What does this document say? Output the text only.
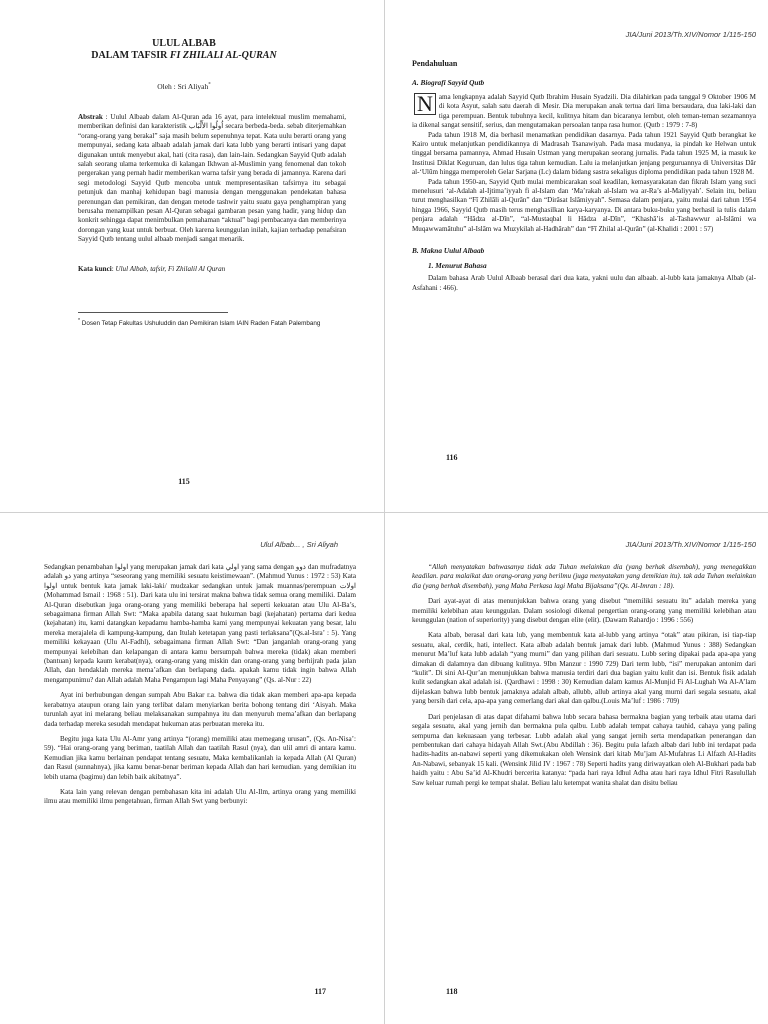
ULUL ALBAB
DALAM TAFSIR FI ZHILALI AL-QURAN
Oleh : Sri Aliyah*

Abstrak : Uulul Albaab dalam Al-Quran ada 16 ayat, para intelektual muslim memahami, memberikan definisi dan karakteristik اُولُوا الأَلْبَاب secara berbeda-beda. sebab diterjemahkan “orang-orang yang berakal” saja masih belum sepenuhnya tepat. Kata uulu berarti orang yang mempunyai, sedang kata albaab adalah jamak dari kata lubb yang berarti intisari yang dapat digunakan untuk menyebut akal, hati (cita rasa), dan lain-lain. Sedangkan Sayyid Qutb adalah salah seorang ulama terkemuka di kalangan Ikhwan al-Muslimin yang fenomenal dan tokoh pergerakan yang pernah hadir memberikan warna tafsir yang berada di jamannya. Karena dari segi metodologi Sayyid Qutb mencoba untuk mempresentasikan tafsirnya itu sebagai petunjuk dan manhaj kehidupan bagi manusia dengan menggunakan pendekatan bahasa perenungan dan pemikiran, dan dengan metode tashwir yaitu suatu gaya penghampiran yang berusaha menampilkan pesan Al-Quran sebagai gambaran pesan yang hadir, yang hidup dan konkrit sehingga dapat menimbulkan pemahaman “aktual” bagi pembacanya dan memberinya dorongan yang kuat untuk berbuat. Oleh karena keunggulan inilah, kajian terhadap penafsiran Sayyid Qutb tentang uulul albaab menjadi sangat menarik.

Kata kunci: Ulul Albab, tafsir, Fi Zhilalil Al Quran

* Dosen Tetap Fakultas Ushuluddin dan Pemikiran Islam IAIN Raden Fatah Palembang
115
JIA/Juni 2013/Th.XIV/Nomor 1/115-150
Pendahuluan
A. Biografi Sayyid Qutb

N ama lengkapnya adalah Sayyid Qutb Ibrahim Husain Syadzili. Dia dilahirkan pada tanggal 9 Oktober 1906 M di kota Asyut, salah satu daerah di Mesir. Dia merupakan anak tertua dari lima bersaudara, dua laki-laki dan tiga perempuan. Bentuk tubuhnya kecil, kulitnya hitam dan bicaranya lembut, oleh teman-teman sezamannya ia dikenal sangat sensitif, serius, dan mengutamakan persoalan tanpa rasa humor. (Qutb : 1979 : 7-8)

Pada tahun 1918 M, dia berhasil menamatkan pendidikan dasarnya. Pada tahun 1921 Sayyid Qutb berangkat ke Kairo untuk melanjutkan pendidikannya di Madrasah Tsanawiyah. Pada masa mudanya, ia pindah ke Helwan untuk tinggal bersama pamannya, Ahmad Husain Ustman yang merupakan seorang jurnalis. Pada tahun 1925 M, ia masuk ke Institusi Diklat Keguruan, dan lulus tiga tahun kemudian. Lalu ia melanjutkan jenjang perguruannya di Universitas Dār al-‘Ulūm hingga memperoleh Gelar Sarjana (Lc) dalam bidang sastra sekaligus diploma pendidikan pada tahun 1928 M.

Pada tahun 1950-an, Sayyid Qutb mulai membicarakan soal keadilan, kemasyarakatan dan fikrah Islam yang suci menelusuri ‘al-Adalah al-Ijtima’iyyah fi al-Islam dan ‘Ma’rakah al-Islam wa ar-Ra’s al-Maliyyah’. Selain itu, beliau turut menghasilkan “Fī Zhilāli al-Qurān” dan “Dirāsat Islāmiyyah”. Semasa dalam penjara, yaitu mulai dari tahun 1954 hingga 1966, Sayyid Qutb masih terus menghasilkan karya-karyanya. Di antara buku-buku yang berhasil ia tulis dalam penjara adalah “Hādza al-Dīn”, “al-Mustaqbal li Hādza al-Dīn”, “Khashā’is al-Tashawwur al-Islāmi wa Muqawwamātuhu” al-Islām wa Muzykilah al-Hadhārah” dan “Fī Zhilal al-Qurān” (al-Khalidi : 2001 : 57)

B. Makna Uulul Albaab
1. Menurut Bahasa

Dalam bahasa Arab Uulul Albaab berasal dari dua kata, yakni uulu dan albaab. al-lubb kata jamaknya Albab (al-Asfahani : 466).

116
Ulul Albab... , Sri Aliyah

Sedangkan penambahan اولوا yang merupakan jamak dari kata اولي yang sama dengan ذوو dan mufradatnya adalah ذو yang artinya “seseorang yang memiliki sesuatu keistimewaan”. (Mahmud Yunus : 1972 : 53) Kata اولوا untuk bentuk kata jamak laki-laki/ mudzakar sedangkan untuk jamak muannas/perempuan اولات (Mohammad Ismail : 1968 : 51). Dari kata ulu ini tersirat makna bahwa tidak semua orang memiliki. Dalam Al-Quran disebutkan juga orang-orang yang memiliki beberapa hal seperti kekuatan atau Ulu Al-Ba’s, sebagaimana firman Allah Swt: “Maka apabila datang saat hukuman bagi (kejahatan) pertama dari kedua (kejahatan) itu, kami datangkan kepadamu hamba-hamba kami yang mempunyai kekuatan yang besar, lalu mereka merajalela di kampung-kampung, dan Itulah ketetapan yang pasti terlaksana”(Qs.al-Isra’ : 5). Yang memiliki kekayaan (Ulu Al-Fadhl), sebagaimana firman Allah Swt: “Dan janganlah orang-orang yang mempunyai kelebihan dan kelapangan di antara kamu bersumpah bahwa mereka (tidak) akan memberi (bantuan) kepada kaum kerabat(nya), orang-orang yang miskin dan orang-orang yang berhijrah pada jalan Allah, dan hendaklah mereka mema’afkan dan berlapang dada. apakah kamu tidak ingin bahwa Allah mengampunimu? dan Allah adalah Maha Pengampun lagi Maha Penyayang” (Qs. al-Nur : 22)

Ayat ini berhubungan dengan sumpah Abu Bakar r.a. bahwa dia tidak akan memberi apa-apa kepada kerabatnya ataupun orang lain yang terlibat dalam menyiarkan berita bohong tentang diri ‘Aisyah. Maka turunlah ayat ini melarang beliau melaksanakan sumpahnya itu dan menyuruh mema’afkan dan berlapang dada terhadap mereka sesudah mendapat hukuman atas perbuatan mereka itu.

Begitu juga kata Ulu Al-Amr yang artinya “(orang) memiliki atau memegang urusan”, (Qs. An-Nisa’: 59). “Hai orang-orang yang beriman, taatilah Allah dan taatilah Rasul (nya), dan ulil amri di antara kamu. Kemudian jika kamu berlainan pendapat tentang sesuatu, Maka kembalikanlah ia kepada Allah (Al Quran) dan Rasul (sunnahnya), jika kamu benar-benar beriman kepada Allah dan hari kemudian. yang demikian itu lebih utama (bagimu) dan lebih baik akibatnya”.

Kata lain yang relevan dengan pembahasan kita ini adalah Ulu Al-Ilm, artinya orang yang memiliki ilmu atau memiliki ilmu pengetahuan, firman Allah Swt yang berbunyi:

117
JIA/Juni 2013/Th.XIV/Nomor 1/115-150

“Allah menyatakan bahwasanya tidak ada Tuhan melainkan dia (yang berhak disembah), yang menegakkan keadilan. para malaikat dan orang-orang yang berilmu (juga menyatakan yang demikian itu). tak ada Tuhan melainkan dia (yang berhak disembah), yang Maha Perkasa lagi Maha Bijaksana”(Qs. Al-Imran : 18).

Dari ayat-ayat di atas menunjukkan bahwa orang yang disebut “memiliki sesuatu itu” adalah mereka yang memiliki kelebihan atau keunggulan. Dalam sosiologi dikenal pengertian orang-orang yang memiliki kelebihan atau keunggulan (nation of superiority) yang disebut dengan elite (elit). (Dawam Rahardjo : 1996 : 556)

Kata albab, berasal dari kata lub, yang membentuk kata al-lubb yang artinya “otak” atau pikiran, isi tiap-tiap sesuatu, akal, cerdik, hati, intellect. Kata albab adalah bentuk jamak dari lubb. (Mahmud Yunus : 388) Sedangkan menurut Ma’luf kata lubb adalah “yang murni” dan yang pilihan dari sesuatu. Lubb sering dipakai pada apa-apa yang dimakan di dalamnya dan dibuang kulitnya. 9Ibn Manzur : 1990 729) Dari term lubb, “isi” merupakan antonim dari “kulit”. Di sini Al-Qur’an menunjukkan bahwa manusia terdiri dari dua bagian yaitu kulit dan isi. Bentuk fisik adalah kulit sedangkan akal adalah isi. (Qardhawi : 1998 : 30) Kemudian dalam kamus Al-Munjid Fi Al-Lughah Wa Al-A’lam dijelaskan bahwa lubb bentuk jamaknya adalah albab, allubb, allub artinya akal yang murni dari segala sesuatu, akal yang bersih dari cela, apa-apa yang cemerlang dari akal dan qalbu.(Louis Ma’luf : 1986 : 709)

Dari penjelasan di atas dapat difahami bahwa lubb secara bahasa bermakna bagian yang terbaik atau utama dari segala sesuatu, akal yang jernih dan bermakna pula qalbu. Lubb adalah tempat cahaya tauhid, cahaya yang paling sempurna dan kekuasaan yang terbesar. Lubb adalah akal yang sangat jernih serta mendapatkan penerangan dan pembentukan dari cahaya hidayah Allah Swt.(Abu Abdillah : 36). Begitu pula lafazh albab dari lubb ini terdapat pada hadits-hadits an-nabawi seperti yang dikemukakan oleh Wensink dari kitab Mu’jam Al-Mufahras Li Alfazh Al-Hadits An-Nabawi, sebanyak 15 kali. (Wensink Jilid IV : 1967 : 78) Seperti hadits yang diriwayatkan oleh Al-Bukhari pada bab haidh yaitu : Abu Sa’id Al-Khudri bercerita katanya: “pada hari raya Idhul Adha atau hari raya Idhul Fitri Rasulullah Saw keluar rumah pergi ke tempat shalat. Beliau lalu ketempat wanita shalat dan disitu beliau

118
